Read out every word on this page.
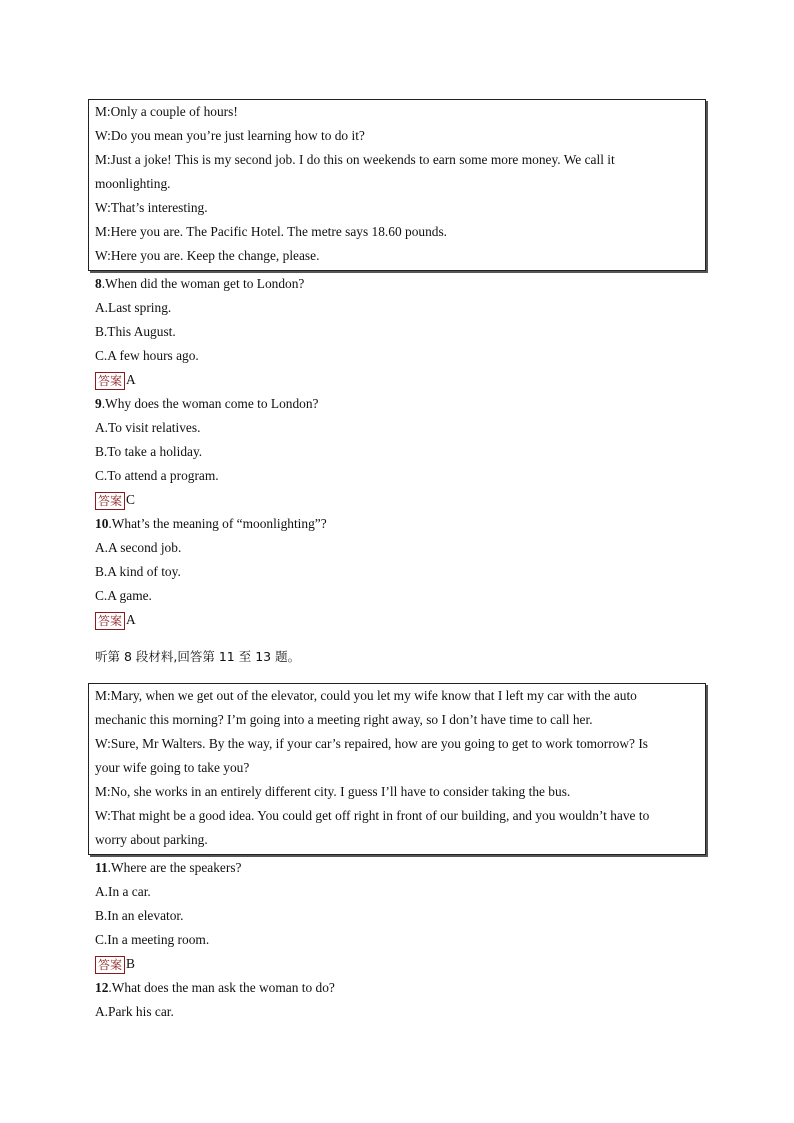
M:Only a couple of hours!
W:Do you mean you’re just learning how to do it?
M:Just a joke! This is my second job. I do this on weekends to earn some more money. We call it
moonlighting.
W:That’s interesting.
M:Here you are. The Pacific Hotel. The metre says 18.60 pounds.
W:Here you are. Keep the change, please.
8.When did the woman get to London?
A.Last spring.
B.This August.
C.A few hours ago.
答案 A
9.Why does the woman come to London?
A.To visit relatives.
B.To take a holiday.
C.To attend a program.
答案 C
10.What’s the meaning of “moonlighting”?
A.A second job.
B.A kind of toy.
C.A game.
答案 A
听第 8 段材料,回答第 11 至 13 题。
M:Mary, when we get out of the elevator, could you let my wife know that I left my car with the auto
mechanic this morning? I’m going into a meeting right away, so I don’t have time to call her.
W:Sure, Mr Walters. By the way, if your car’s repaired, how are you going to get to work tomorrow? Is
your wife going to take you?
M:No, she works in an entirely different city. I guess I’ll have to consider taking the bus.
W:That might be a good idea. You could get off right in front of our building, and you wouldn’t have to
worry about parking.
11.Where are the speakers?
A.In a car.
B.In an elevator.
C.In a meeting room.
答案 B
12.What does the man ask the woman to do?
A.Park his car.
